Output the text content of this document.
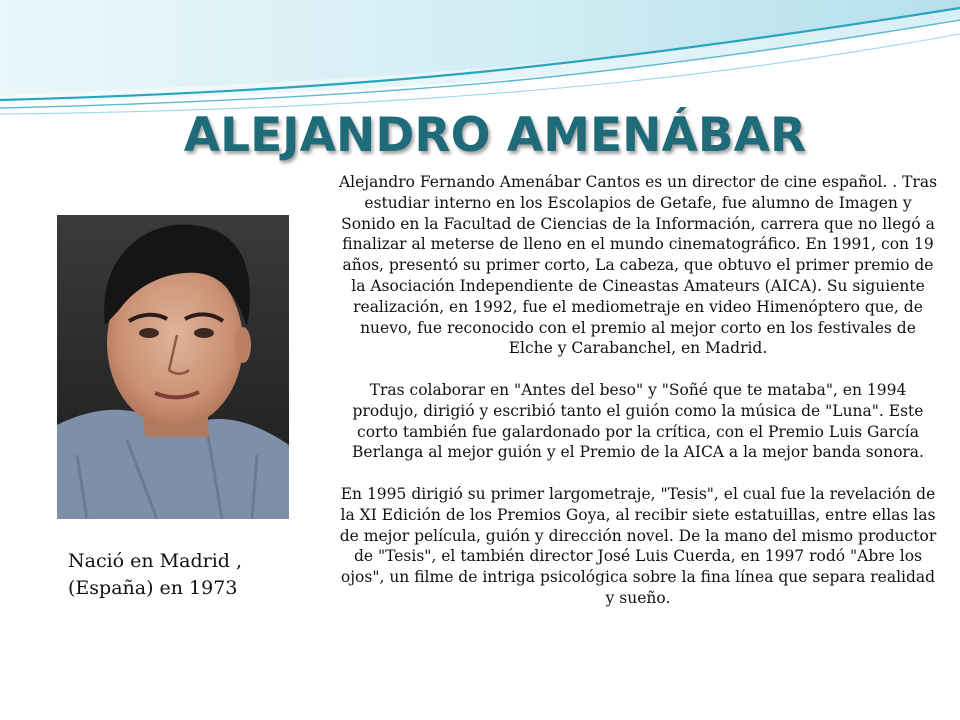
ALEJANDRO AMENÁBAR
Nació en Madrid ,
(España) en 1973

Alejandro Fernando Amenábar Cantos es un director de cine español. . Tras estudiar interno en los Escolapios de Getafe, fue alumno de Imagen y Sonido en la Facultad de Ciencias de la Información, carrera que no llegó a finalizar al meterse de lleno en el mundo cinematográfico. En 1991, con 19 años, presentó su primer corto, La cabeza, que obtuvo el primer premio de la Asociación Independiente de Cineastas Amateurs (AICA). Su siguiente realización, en 1992, fue el mediometraje en video Himenóptero que, de nuevo, fue reconocido con el premio al mejor corto en los festivales de Elche y Carabanchel, en Madrid.

Tras colaborar en "Antes del beso" y "Soñé que te mataba", en 1994 produjo, dirigió y escribió tanto el guión como la música de "Luna". Este corto también fue galardonado por la crítica, con el Premio Luis García Berlanga al mejor guión y el Premio de la AICA a la mejor banda sonora.

En 1995 dirigió su primer largometraje, "Tesis", el cual fue la revelación de la XI Edición de los Premios Goya, al recibir siete estatuillas, entre ellas las de mejor película, guión y dirección novel. De la mano del mismo productor de "Tesis", el también director José Luis Cuerda, en 1997 rodó "Abre los ojos", un filme de intriga psicológica sobre la fina línea que separa realidad y sueño.
